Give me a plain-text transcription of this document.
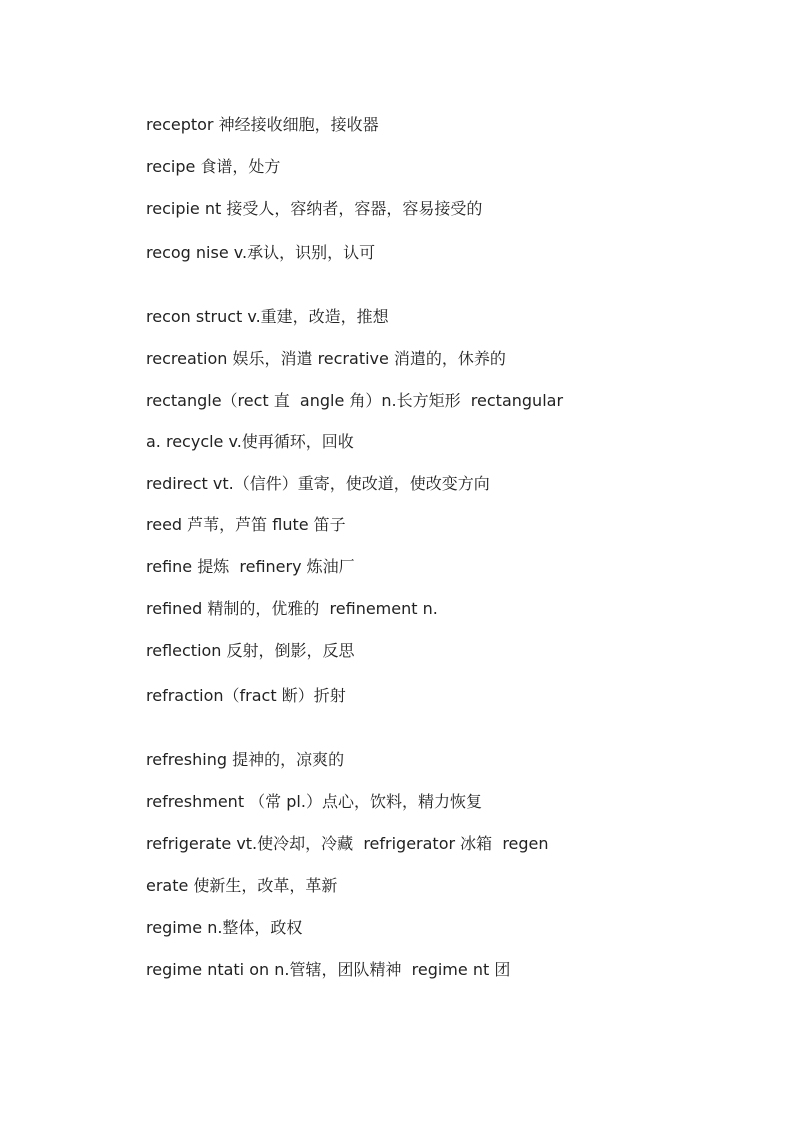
receptor 神经接收细胞，接收器
recipe 食谱，处方
recipie nt 接受人，容纳者，容器，容易接受的
recog nise v.承认，识别，认可
recon struct v.重建，改造，推想
recreation 娱乐，消遣 recrative 消遣的，休养的
rectangle（rect 直  angle 角）n.长方矩形  rectangular
a. recycle v.使再循环，回收
redirect vt.（信件）重寄，使改道，使改变方向
reed 芦苇，芦笛 flute 笛子
refine 提炼  refinery 炼油厂
refined 精制的，优雅的  refinement n.
reflection 反射，倒影，反思
refraction（fract 断）折射
refreshing 提神的，凉爽的
refreshment （常 pl.）点心，饮料，精力恢复
refrigerate vt.使冷却，冷藏  refrigerator 冰箱  regen
erate 使新生，改革，革新
regime n.整体，政权
regime ntati on n.管辖，团队精神  regime nt 团
